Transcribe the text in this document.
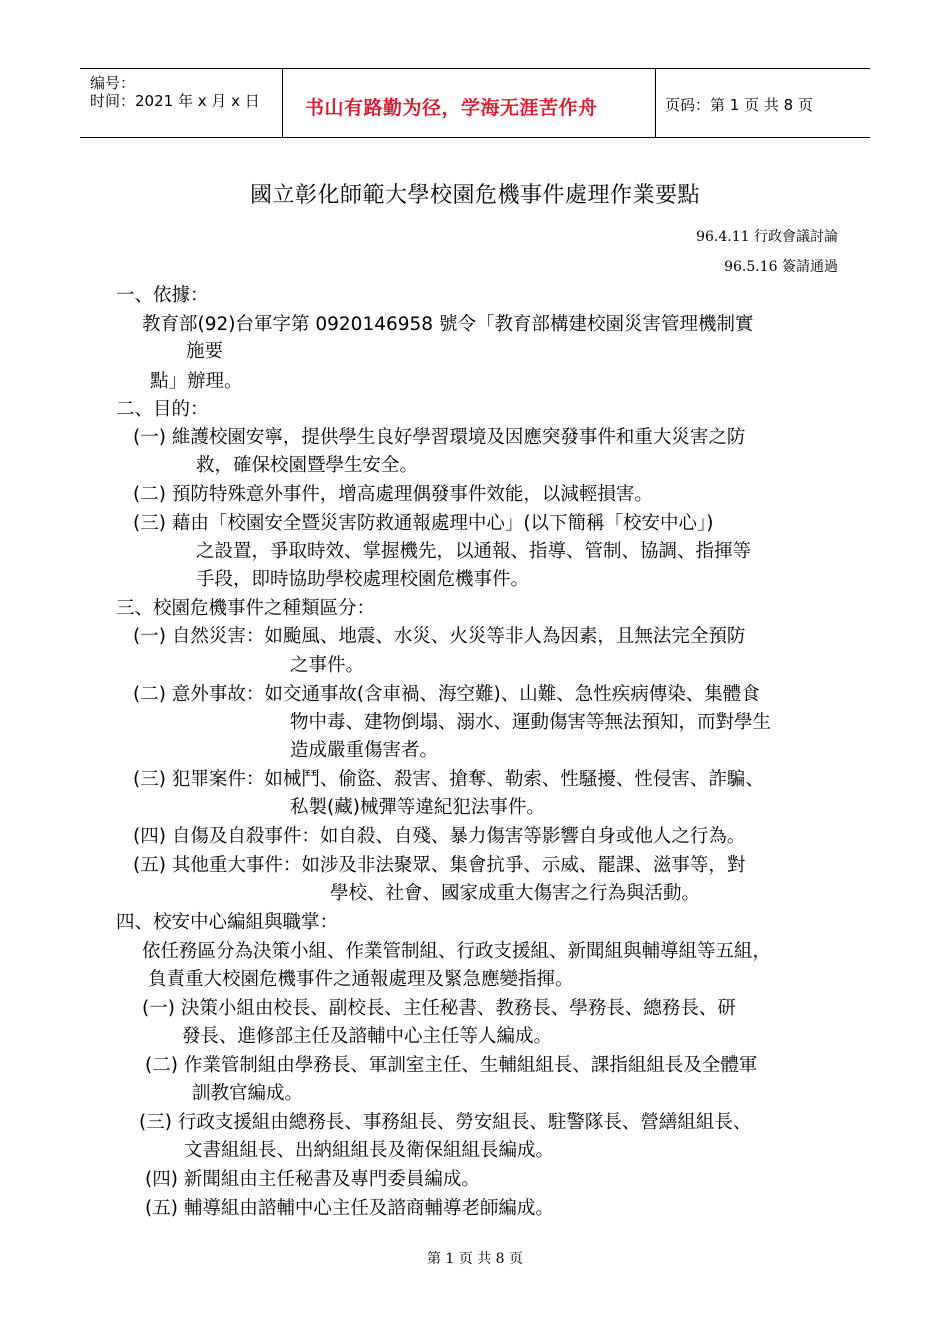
编号：
时间：2021 年 x 月 x 日 书山有路勤为径，学海无涯苦作舟	页码：第 1 页 共 8 页
國立彰化師範大學校園危機事件處理作業要點
96.4.11 行政會議討論
96.5.16 簽請通過
一、依據：
教育部(92)台軍字第 0920146958 號令「教育部構建校園災害管理機制實
施要
點」辦理。
二、目的：
(一) 維護校園安寧，提供學生良好學習環境及因應突發事件和重大災害之防
救，確保校園暨學生安全。
(二) 預防特殊意外事件，增高處理偶發事件效能，以減輕損害。
(三) 藉由「校園安全暨災害防救通報處理中心」(以下簡稱「校安中心」)
之設置，爭取時效、掌握機先，以通報、指導、管制、協調、指揮等
手段，即時協助學校處理校園危機事件。
三、校園危機事件之種類區分：
(一) 自然災害：如颱風、地震、水災、火災等非人為因素，且無法完全預防
之事件。
(二) 意外事故：如交通事故(含車禍、海空難)、山難、急性疾病傳染、集體食
物中毒、建物倒塌、溺水、運動傷害等無法預知，而對學生
造成嚴重傷害者。
(三) 犯罪案件：如械鬥、偷盜、殺害、搶奪、勒索、性騷擾、性侵害、詐騙、
私製(藏)械彈等違紀犯法事件。
(四) 自傷及自殺事件：如自殺、自殘、暴力傷害等影響自身或他人之行為。
(五) 其他重大事件：如涉及非法聚眾、集會抗爭、示威、罷課、滋事等，對
學校、社會、國家成重大傷害之行為與活動。
四、校安中心編組與職掌：
依任務區分為決策小組、作業管制組、行政支援組、新聞組與輔導組等五組，
負責重大校園危機事件之通報處理及緊急應變指揮。
(一) 決策小組由校長、副校長、主任秘書、教務長、學務長、總務長、研
發長、進修部主任及諮輔中心主任等人編成。
(二) 作業管制組由學務長、軍訓室主任、生輔組組長、課指組組長及全體軍
訓教官編成。
(三) 行政支援組由總務長、事務組長、勞安組長、駐警隊長、營繕組組長、
文書組組長、出納組組長及衛保組組長編成。
(四) 新聞組由主任秘書及專門委員編成。
(五) 輔導組由諮輔中心主任及諮商輔導老師編成。
第 1 页 共 8 页
